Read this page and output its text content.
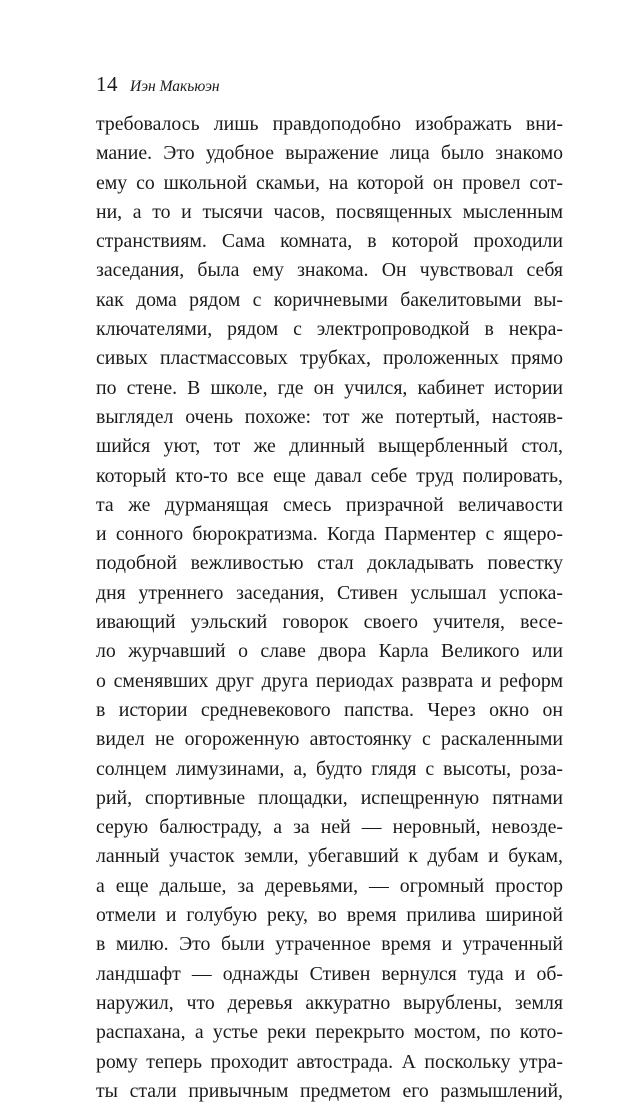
14 Иэн Макьюэн
требовалось лишь правдоподобно изображать вни-
мание. Это удобное выражение лица было знакомо
ему со школьной скамьи, на которой он провел сот-
ни, а то и тысячи часов, посвященных мысленным
странствиям. Сама комната, в которой проходили
заседания, была ему знакома. Он чувствовал себя
как дома рядом с коричневыми бакелитовыми вы-
ключателями, рядом с электропроводкой в некра-
сивых пластмассовых трубках, проложенных прямо
по стене. В школе, где он учился, кабинет истории
выглядел очень похоже: тот же потертый, настояв-
шийся уют, тот же длинный выщербленный стол,
который кто-то все еще давал себе труд полировать,
та же дурманящая смесь призрачной величавости
и сонного бюрократизма. Когда Парментер с ящеро-
подобной вежливостью стал докладывать повестку
дня утреннего заседания, Стивен услышал успока-
ивающий уэльский говорок своего учителя, весе-
ло журчавший о славе двора Карла Великого или
о сменявших друг друга периодах разврата и реформ
в истории средневекового папства. Через окно он
видел не огороженную автостоянку с раскаленными
солнцем лимузинами, а, будто глядя с высоты, роза-
рий, спортивные площадки, испещренную пятнами
серую балюстраду, а за ней — неровный, невозде-
ланный участок земли, убегавший к дубам и букам,
а еще дальше, за деревьями, — огромный простор
отмели и голубую реку, во время прилива шириной
в милю. Это были утраченное время и утраченный
ландшафт — однажды Стивен вернулся туда и об-
наружил, что деревья аккуратно вырублены, земля
распахана, а устье реки перекрыто мостом, по кото-
рому теперь проходит автострада. А поскольку утра-
ты стали привычным предметом его размышлений,
